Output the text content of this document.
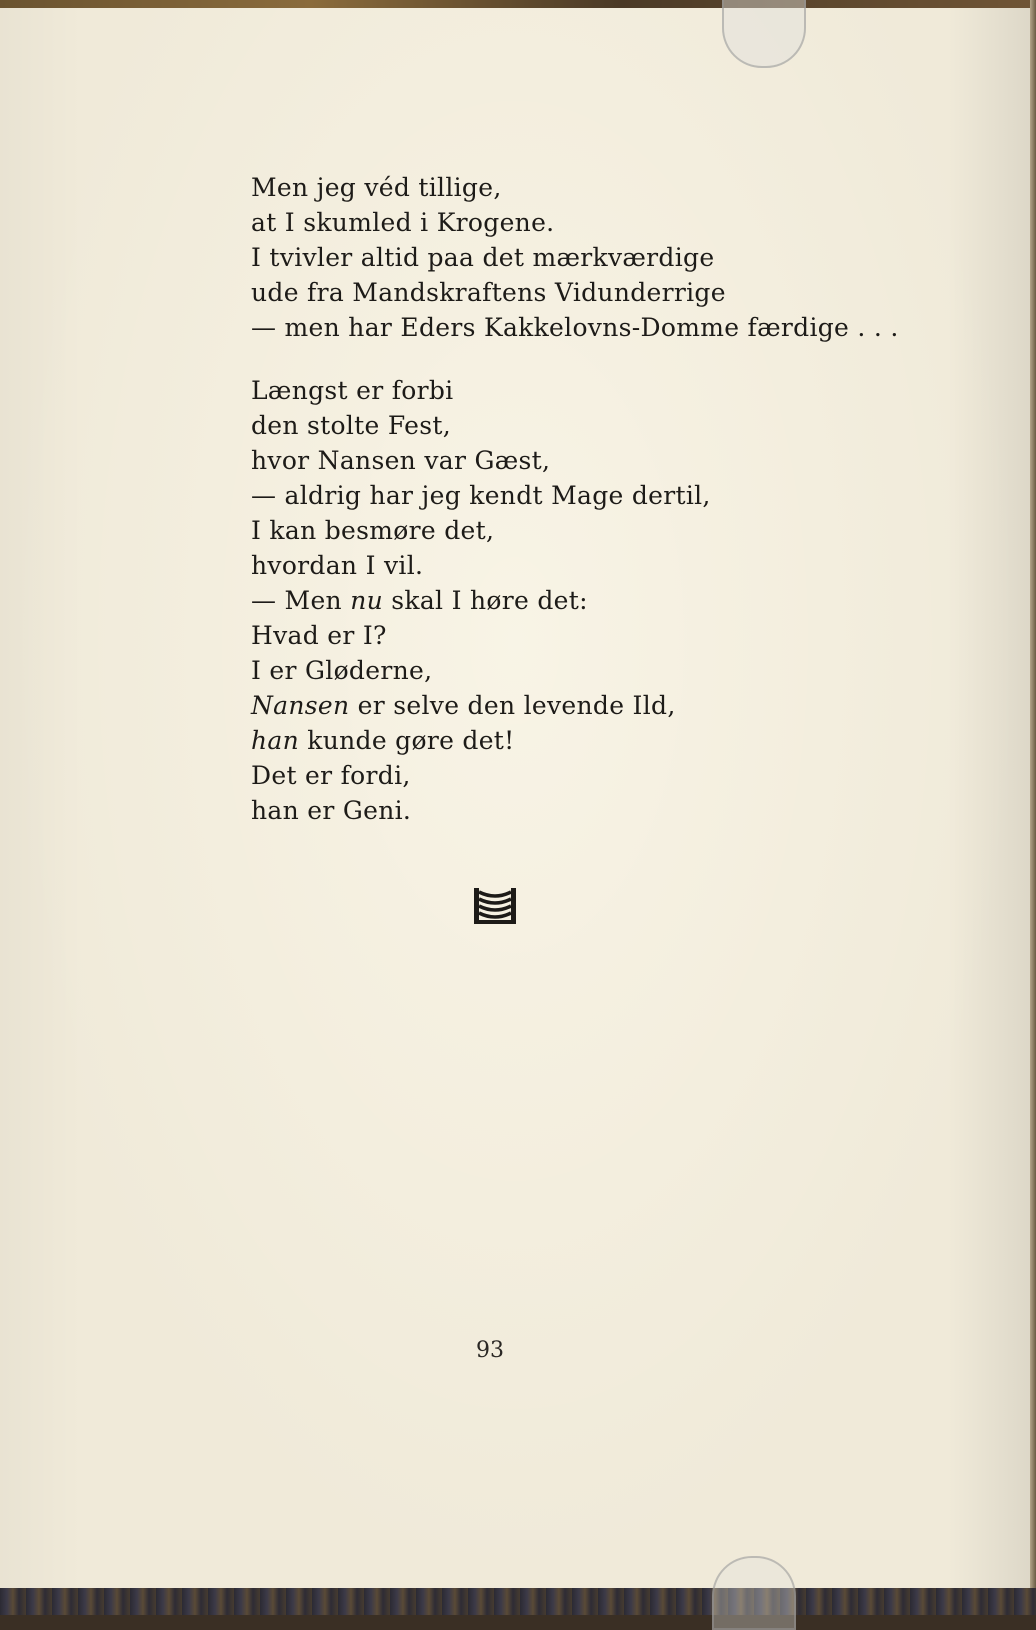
Men jeg véd tillige,
at I skumled i Krogene.
I tvivler altid paa det mærkværdige
ude fra Mandskraftens Vidunderrige
— men har Eders Kakkelovns-Domme færdige . . .
Længst er forbi
den stolte Fest,
hvor Nansen var Gæst,
— aldrig har jeg kendt Mage dertil,
I kan besmøre det,
hvordan I vil.
— Men nu skal I høre det:
Hvad er I?
I er Gløderne,
Nansen er selve den levende Ild,
han kunde gøre det!
Det er fordi,
han er Geni.
93
